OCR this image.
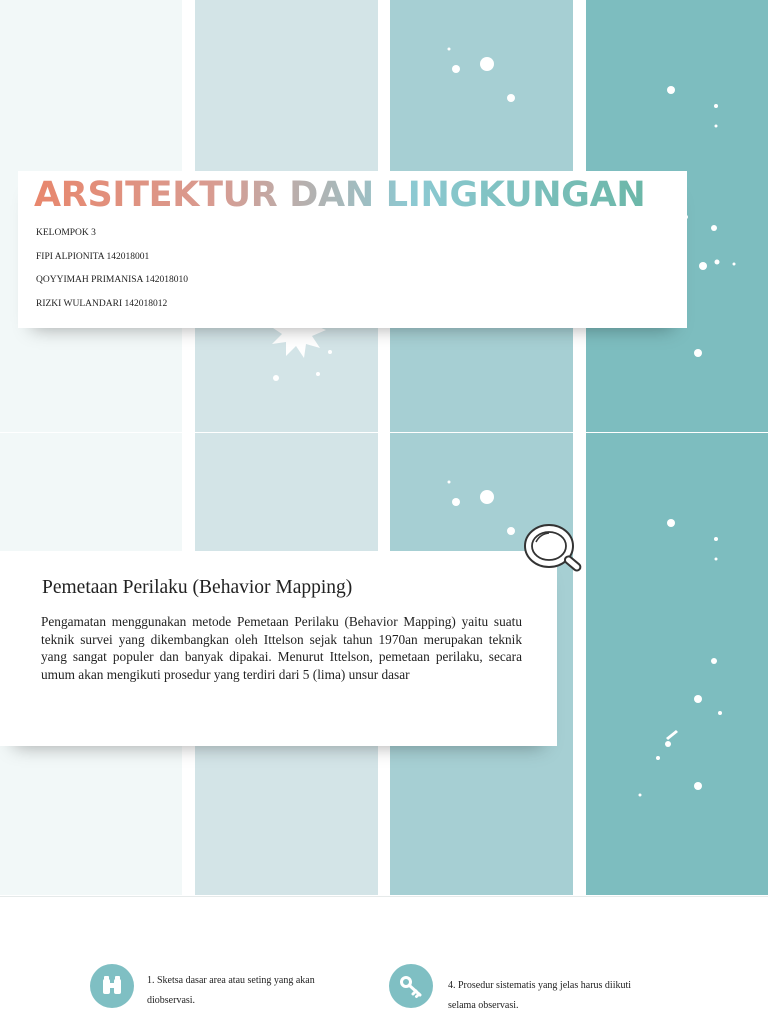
ARSITEKTUR DAN LINGKUNGAN
KELOMPOK 3
FIPI ALPIONITA 142018001
QOYYIMAH PRIMANISA 142018010
RIZKI WULANDARI 142018012
Pemetaan Perilaku (Behavior Mapping)

Pengamatan menggunakan metode Pemetaan Perilaku (Behavior Mapping) yaitu suatu teknik survei yang dikembangkan oleh Ittelson sejak tahun 1970an merupakan teknik yang sangat populer dan banyak dipakai. Menurut Ittelson, pemetaan perilaku, secara umum akan mengikuti prosedur yang terdiri dari 5 (lima) unsur dasar

1. Sketsa dasar area atau seting yang akan diobservasi.
4. Prosedur sistematis yang jelas harus diikuti selama observasi.
